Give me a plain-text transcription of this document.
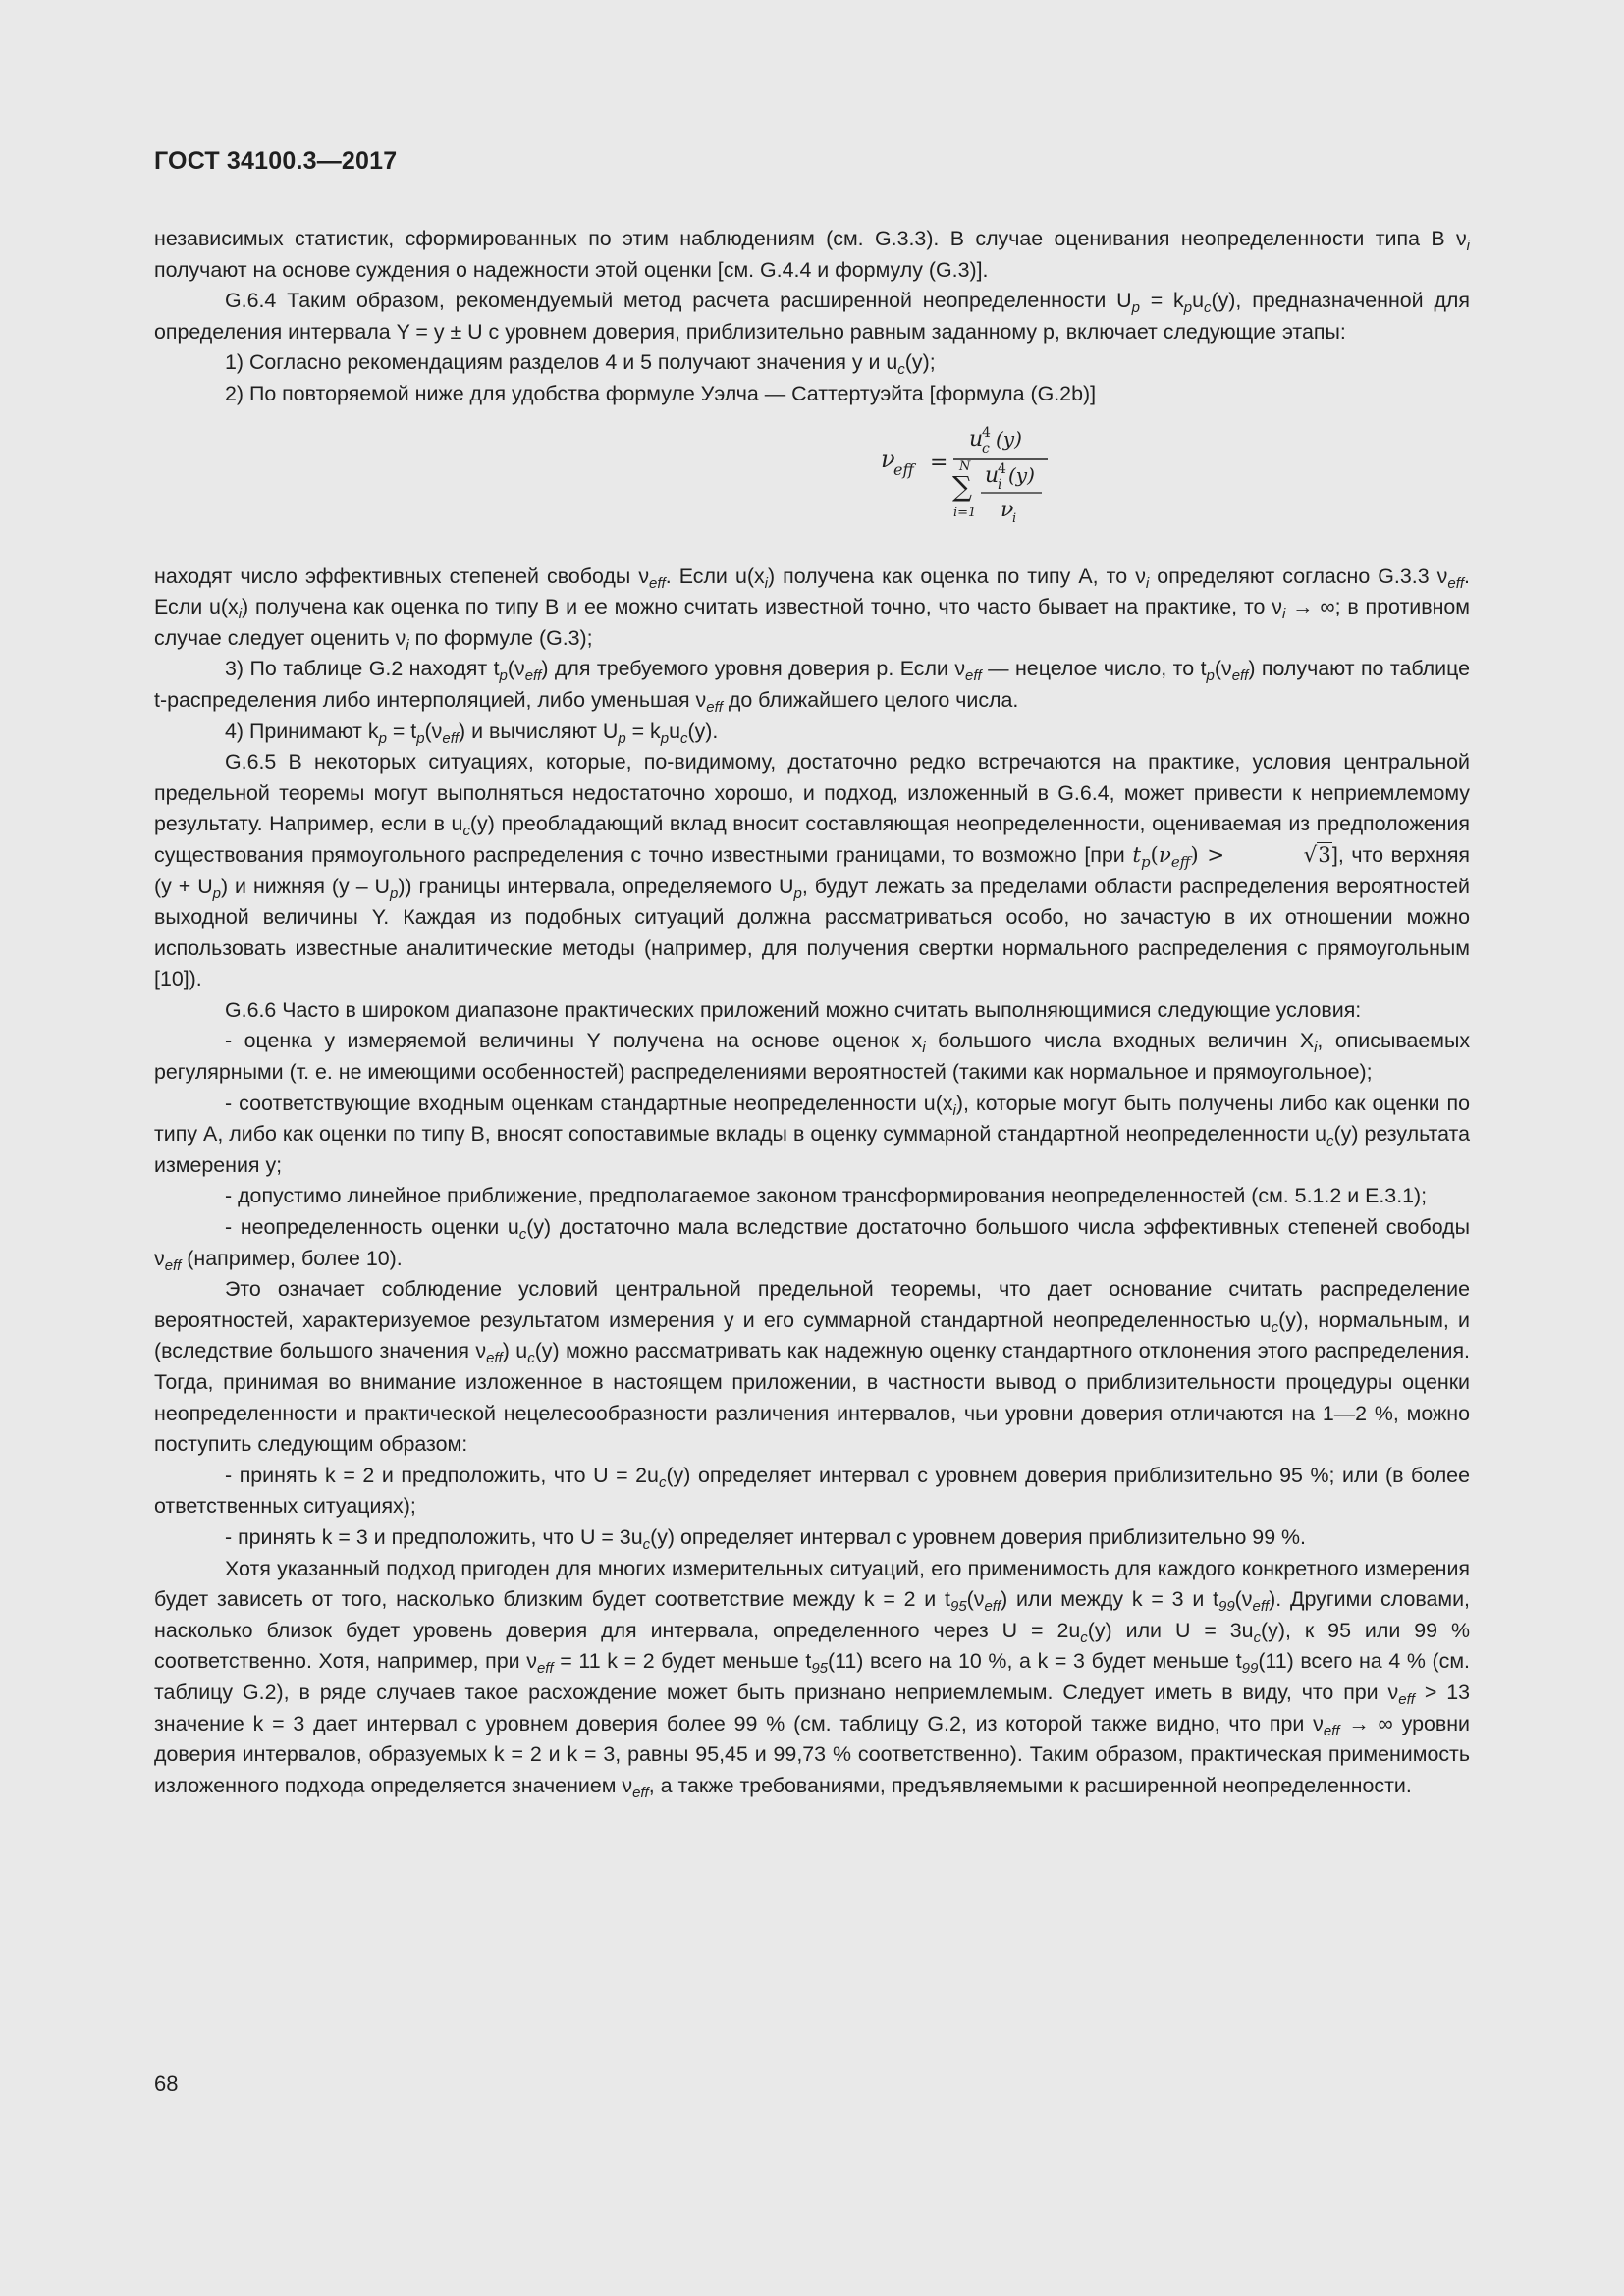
ГОСТ 34100.3—2017

независимых статистик, сформированных по этим наблюдениям (см. G.3.3). В случае оценивания неопределенности типа В $\nu_i$ получают на основе суждения о надежности этой оценки [см. G.4.4 и формулу (G.3)].

G.6.4 Таким образом, рекомендуемый метод расчета расширенной неопределенности $U_p = k_pu_c(y)$, предназначенной для определения интервала Y = y ± U с уровнем доверия, приблизительно равным заданному p, включает следующие этапы:

1) Согласно рекомендациям разделов 4 и 5 получают значения y и $u_c(y)$;

2) По повторяемой ниже для удобства формуле Уэлча — Саттертуэйта [формула (G.2b)]

ν
eff =
u
4
c (y)
N
∑
i=1
u
4
i (y)
ν
i

находят число эффективных степеней свободы $\nu_{eff}$. Если $u(x_i)$ получена как оценка по типу А, то $\nu_i$ определяют согласно G.3.3 $\nu_{eff}$. Если $u(x_i)$ получена как оценка по типу В и ее можно считать известной точно, что часто бывает на практике, то $\nu_i$ → ∞; в противном случае следует оценить $\nu_i$ по формуле (G.3);

3) По таблице G.2 находят $t_p(\nu_{eff})$ для требуемого уровня доверия p. Если $\nu_{eff}$ — нецелое число, то $t_p(\nu_{eff})$ получают по таблице t-распределения либо интерполяцией, либо уменьшая $\nu_{eff}$ до ближайшего целого числа.

4) Принимают $k_p = t_p(\nu_{eff})$ и вычисляют $U_p = k_pu_c(y)$.

G.6.5 В некоторых ситуациях, которые, по-видимому, достаточно редко встречаются на практике, условия центральной предельной теоремы могут выполняться недостаточно хорошо, и подход, изложенный в G.6.4, может привести к неприемлемому результату. Например, если в $u_c(y)$ преобладающий вклад вносит составляющая неопределенности, оцениваемая из предположения существования прямоугольного распределения с точно известными границами, то возможно [при $t_p(\nu_{eff})$ >	√3], что верхняя $(y + U_p)$ и нижняя $(y - U_p)$) границы интервала, определяемого $U_p$, будут лежать за пределами области распределения вероятностей выходной величины Y. Каждая из подобных ситуаций должна рассматриваться особо, но зачастую в их отношении можно использовать известные аналитические методы (например, для получения свертки нормального распределения с прямоугольным [10]).

G.6.6 Часто в широком диапазоне практических приложений можно считать выполняющимися следующие условия:

- оценка y измеряемой величины Y получена на основе оценок $x_i$ большого числа входных величин $X_i$, описываемых регулярными (т. е. не имеющими особенностей) распределениями вероятностей (такими как нормальное и прямоугольное);

- соответствующие входным оценкам стандартные неопределенности $u(x_i)$, которые могут быть получены либо как оценки по типу А, либо как оценки по типу В, вносят сопоставимые вклады в оценку суммарной стандартной неопределенности $u_c(y)$ результата измерения y;

- допустимо линейное приближение, предполагаемое законом трансформирования неопределенностей (см. 5.1.2 и Е.3.1);

- неопределенность оценки $u_c(y)$ достаточно мала вследствие достаточно большого числа эффективных степеней свободы $\nu_{eff}$ (например, более 10).

Это означает соблюдение условий центральной предельной теоремы, что дает основание считать распределение вероятностей, характеризуемое результатом измерения y и его суммарной стандартной неопределенностью $u_c(y)$, нормальным, и (вследствие большого значения $\nu_{eff}$) $u_c(y)$ можно рассматривать как надежную оценку стандартного отклонения этого распределения. Тогда, принимая во внимание изложенное в настоящем приложении, в частности вывод о приблизительности процедуры оценки неопределенности и практической нецелесообразности различения интервалов, чьи уровни доверия отличаются на 1—2 %, можно поступить следующим образом:

- принять k = 2 и предположить, что $U = 2u_c(y)$ определяет интервал с уровнем доверия приблизительно 95 %; или (в более ответственных ситуациях);

- принять k = 3 и предположить, что $U = 3u_c(y)$ определяет интервал с уровнем доверия приблизительно 99 %.

Хотя указанный подход пригоден для многих измерительных ситуаций, его применимость для каждого конкретного измерения будет зависеть от того, насколько близким будет соответствие между k = 2 и $t_{95}(\nu_{eff})$ или между k = 3 и $t_{99}(\nu_{eff})$. Другими словами, насколько близок будет уровень доверия для интервала, определенного через $U = 2u_c(y)$ или $U = 3u_c(y)$, к 95 или 99 % соответственно. Хотя, например, при $\nu_{eff} = 11$ k = 2 будет меньше $t_{95}(11)$ всего на 10 %, а k = 3 будет меньше $t_{99}(11)$ всего на 4 % (см. таблицу G.2), в ряде случаев такое расхождение может быть признано неприемлемым. Следует иметь в виду, что при $\nu_{eff} > 13$ значение k = 3 дает интервал с уровнем доверия более 99 % (см. таблицу G.2, из которой также видно, что при $\nu_{eff}$ → ∞ уровни доверия интервалов, образуемых k = 2 и k = 3, равны 95,45 и 99,73 % соответственно). Таким образом, практическая применимость изложенного подхода определяется значением $\nu_{eff}$, а также требованиями, предъявляемыми к расширенной неопределенности.

68
